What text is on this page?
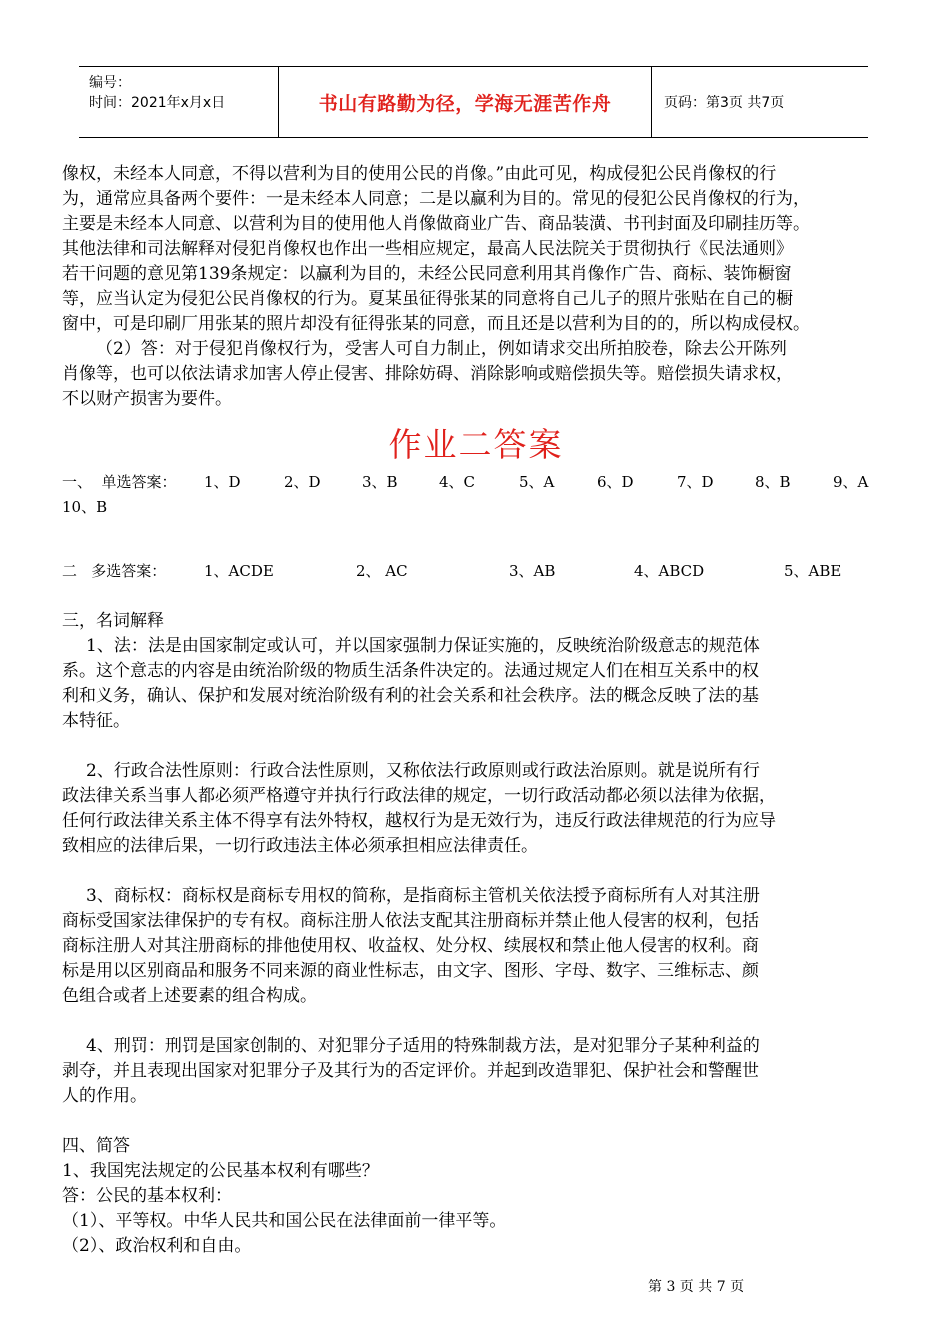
编号：
时间：2021年x月x日	书山有路勤为径，学海无涯苦作舟	页码：第3页 共7页

像权，未经本人同意，不得以营利为目的使用公民的肖像。”由此可见，构成侵犯公民肖像权的行

为，通常应具备两个要件：一是未经本人同意；二是以赢利为目的。常见的侵犯公民肖像权的行为，

主要是未经本人同意、以营利为目的使用他人肖像做商业广告、商品装潢、书刊封面及印刷挂历等。

其他法律和司法解释对侵犯肖像权也作出一些相应规定，最高人民法院关于贯彻执行《民法通则》

若干问题的意见第139条规定：以赢利为目的，未经公民同意利用其肖像作广告、商标、装饰橱窗

等，应当认定为侵犯公民肖像权的行为。夏某虽征得张某的同意将自己儿子的照片张贴在自己的橱

窗中，可是印刷厂用张某的照片却没有征得张某的同意，而且还是以营利为目的的，所以构成侵权。

（2）答：对于侵犯肖像权行为，受害人可自力制止，例如请求交出所拍胶卷，除去公开陈列

肖像等，也可以依法请求加害人停止侵害、排除妨碍、消除影响或赔偿损失等。赔偿损失请求权，

不以财产损害为要件。

作业二答案
一、  单选答案：	1、D	2、D	3、B	4、C	5、A	6、D	7、D	8、B	9、A
10、B
二   多选答案：	1、ACDE	2、 AC	3、AB	4、ABCD	5、ABE

三，名词解释

1、法：法是由国家制定或认可，并以国家强制力保证实施的，反映统治阶级意志的规范体

系。这个意志的内容是由统治阶级的物质生活条件决定的。法通过规定人们在相互关系中的权

利和义务，确认、保护和发展对统治阶级有利的社会关系和社会秩序。法的概念反映了法的基

本特征。

2、行政合法性原则：行政合法性原则，又称依法行政原则或行政法治原则。就是说所有行

政法律关系当事人都必须严格遵守并执行行政法律的规定，一切行政活动都必须以法律为依据，

任何行政法律关系主体不得享有法外特权，越权行为是无效行为，违反行政法律规范的行为应导

致相应的法律后果，一切行政违法主体必须承担相应法律责任。

3、商标权：商标权是商标专用权的简称，是指商标主管机关依法授予商标所有人对其注册

商标受国家法律保护的专有权。商标注册人依法支配其注册商标并禁止他人侵害的权利，包括

商标注册人对其注册商标的排他使用权、收益权、处分权、续展权和禁止他人侵害的权利。商

标是用以区别商品和服务不同来源的商业性标志，由文字、图形、字母、数字、三维标志、颜

色组合或者上述要素的组合构成。

4、刑罚：刑罚是国家创制的、对犯罪分子适用的特殊制裁方法，是对犯罪分子某种利益的

剥夺，并且表现出国家对犯罪分子及其行为的否定评价。并起到改造罪犯、保护社会和警醒世

人的作用。

四、简答

1、我国宪法规定的公民基本权利有哪些？

答：公民的基本权利：

（1）、平等权。中华人民共和国公民在法律面前一律平等。

（2）、政治权利和自由。

第 3 页 共 7 页
